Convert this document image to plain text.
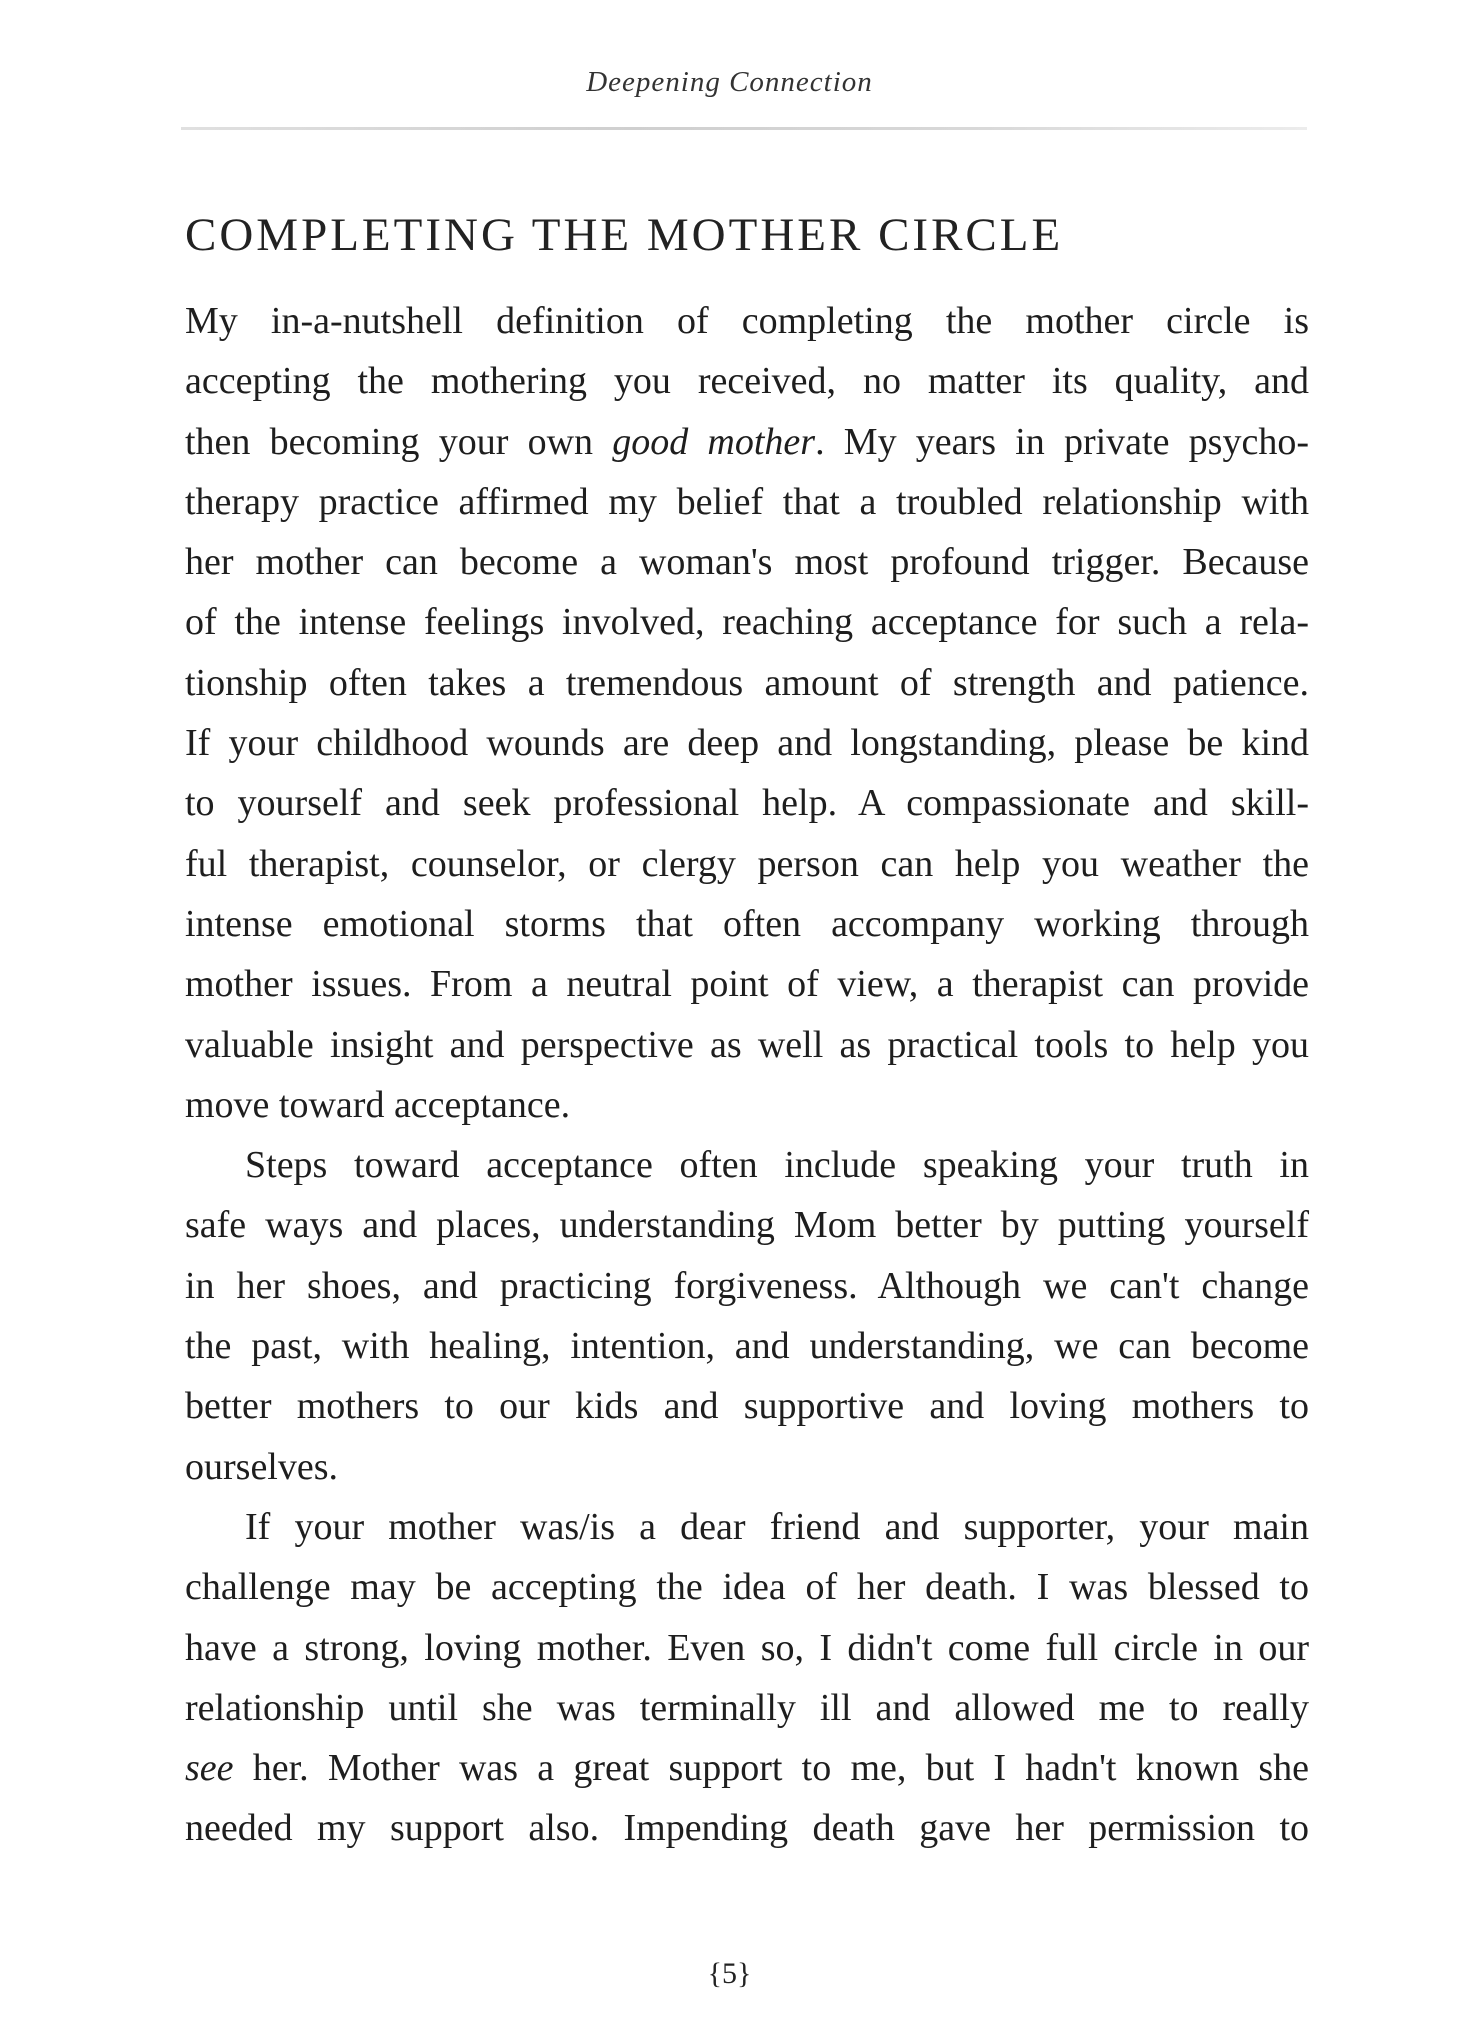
Deepening Connection
COMPLETING THE MOTHER CIRCLE
My in-a-nutshell definition of completing the mother circle is
accepting the mothering you received, no matter its quality, and
then becoming your own good mother. My years in private psycho-
therapy practice affirmed my belief that a troubled relationship with
her mother can become a woman's most profound trigger. Because
of the intense feelings involved, reaching acceptance for such a rela-
tionship often takes a tremendous amount of strength and patience.
If your childhood wounds are deep and longstanding, please be kind
to yourself and seek professional help. A compassionate and skill-
ful therapist, counselor, or clergy person can help you weather the
intense emotional storms that often accompany working through
mother issues. From a neutral point of view, a therapist can provide
valuable insight and perspective as well as practical tools to help you
move toward acceptance.
Steps toward acceptance often include speaking your truth in
safe ways and places, understanding Mom better by putting yourself
in her shoes, and practicing forgiveness. Although we can't change
the past, with healing, intention, and understanding, we can become
better mothers to our kids and supportive and loving mothers to
ourselves.
If your mother was/is a dear friend and supporter, your main
challenge may be accepting the idea of her death. I was blessed to
have a strong, loving mother. Even so, I didn't come full circle in our
relationship until she was terminally ill and allowed me to really
see her. Mother was a great support to me, but I hadn't known she
needed my support also. Impending death gave her permission to
{5}
